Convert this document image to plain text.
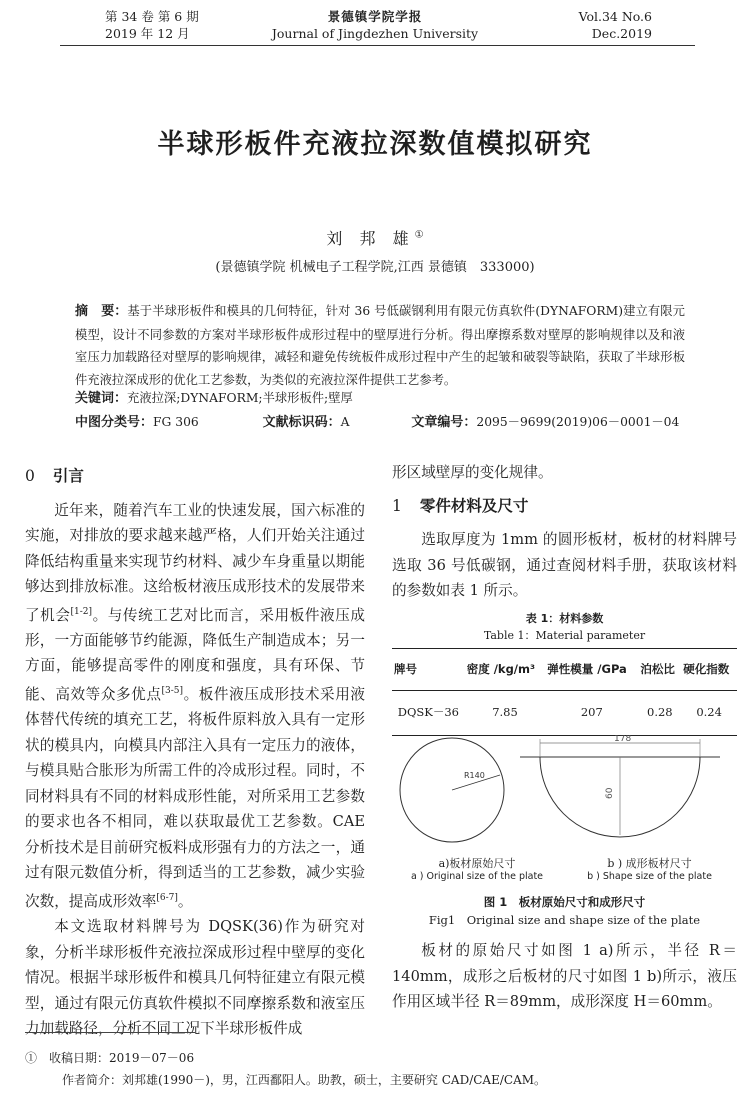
第 34 卷 第 6 期
2019 年 12 月
景德镇学院学报
Journal of Jingdezhen University
Vol.34 No.6
Dec.2019
半球形板件充液拉深数值模拟研究
刘 邦 雄①
(景德镇学院 机械电子工程学院,江西 景德镇　333000)
摘　要：基于半球形板件和模具的几何特征，针对 36 号低碳钢利用有限元仿真软件(DYNAFORM)建立有限元模型，设计不同参数的方案对半球形板件成形过程中的壁厚进行分析。得出摩擦系数对壁厚的影响规律以及和液室压力加载路径对壁厚的影响规律，减轻和避免传统板件成形过程中产生的起皱和破裂等缺陷，获取了半球形板件充液拉深成形的优化工艺参数，为类似的充液拉深件提供工艺参考。
关键词：充液拉深;DYNAFORM;半球形板件;壁厚
中图分类号：FG 306	文献标识码：A	文章编号：2095－9699(2019)06－0001－04
0 引言

近年来，随着汽车工业的快速发展，国六标准的实施，对排放的要求越来越严格，人们开始关注通过降低结构重量来实现节约材料、减少车身重量以期能够达到排放标准。这给板材液压成形技术的发展带来了机会[1-2]。与传统工艺对比而言，采用板件液压成形，一方面能够节约能源，降低生产制造成本；另一方面，能够提高零件的刚度和强度，具有环保、节能、高效等众多优点[3-5]。板件液压成形技术采用液体替代传统的填充工艺，将板件原料放入具有一定形状的模具内，向模具内部注入具有一定压力的液体，与模具贴合胀形为所需工件的冷成形过程。同时，不同材料具有不同的材料成形性能，对所采用工艺参数的要求也各不相同，难以获取最优工艺参数。CAE 分析技术是目前研究板料成形强有力的方法之一，通过有限元数值分析，得到适当的工艺参数，减少实验次数，提高成形效率[6-7]。

本文选取材料牌号为 DQSK(36)作为研究对象，分析半球形板件充液拉深成形过程中壁厚的变化情况。根据半球形板件和模具几何特征建立有限元模型，通过有限元仿真软件模拟不同摩擦系数和液室压力加载路径，分析不同工况下半球形板件成

形区域壁厚的变化规律。

1 零件材料及尺寸

选取厚度为 1mm 的圆形板材，板材的材料牌号选取 36 号低碳钢，通过查阅材料手册，获取该材料的参数如表 1 所示。

表 1：材料参数
Table 1：Material parameter
牌号	密度 /kg/m³	弹性模量 /GPa	泊松比	硬化指数
DQSK－36	7.85	207	0.28	0.24
R140
178
60
a)板材原始尺寸
a ) Original size of the plate
b ) 成形板材尺寸
b ) Shape size of the plate
图 1　板材原始尺寸和成形尺寸
Fig1　Original size and shape size of the plate

板材的原始尺寸如图 1 a)所示，半径 R＝140mm，成形之后板材的尺寸如图 1 b)所示，液压作用区域半径 R＝89mm，成形深度 H＝60mm。

①　收稿日期：2019－07－06
作者简介：刘邦雄(1990－)，男，江西鄱阳人。助教，硕士，主要研究 CAD/CAE/CAM。
